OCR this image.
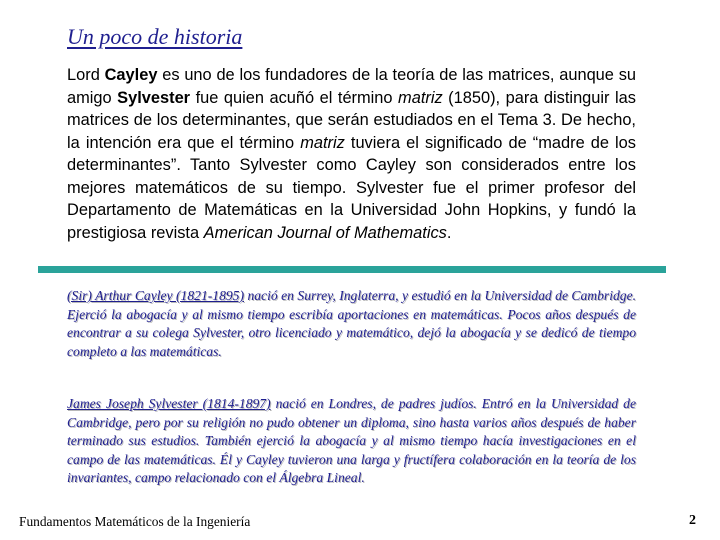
Un poco de historia

Lord Cayley es uno de los fundadores de la teoría de las matrices, aunque su amigo Sylvester fue quien acuñó el término matriz (1850), para distinguir las matrices de los determinantes, que serán estudiados en el Tema 3. De hecho, la intención era que el término matriz tuviera el significado de “madre de los determinantes”. Tanto Sylvester como Cayley son considerados entre los mejores matemáticos de su tiempo. Sylvester fue el primer profesor del Departamento de Matemáticas en la Universidad John Hopkins, y fundó la prestigiosa revista American Journal of Mathematics.

(Sir) Arthur Cayley (1821-1895) nació en Surrey, Inglaterra, y estudió en la Universidad de Cambridge. Ejerció la abogacía y al mismo tiempo escribía aportaciones en matemáticas. Pocos años después de encontrar a su colega Sylvester, otro licenciado y matemático, dejó la abogacía y se dedicó de tiempo completo a las matemáticas.

James Joseph Sylvester (1814-1897) nació en Londres, de padres judíos. Entró en la Universidad de Cambridge, pero por su religión no pudo obtener un diploma, sino hasta varios años después de haber terminado sus estudios. También ejerció la abogacía y al mismo tiempo hacía investigaciones en el campo de las matemáticas. Él y Cayley tuvieron una larga y fructífera colaboración en la teoría de los invariantes, campo relacionado con el Álgebra Lineal.

Fundamentos Matemáticos de la Ingeniería	2
